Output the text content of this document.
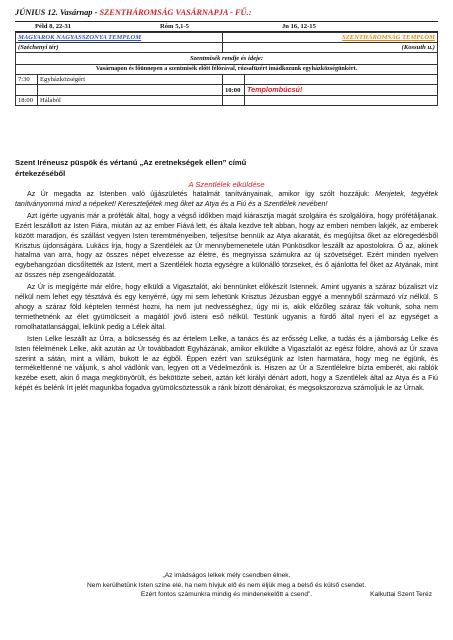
JÚNIUS 12. Vasárnap - SZENTHÁROMSÁG VASÁRNAPJA - FŰ.:
Péld 8, 22-31	Róm 5,1-5	Jn 16, 12-15
MAGYAROK NAGYASSZONYA TEMPLOM		SZENTHÁROMSÁG TEMPLOM	
(Széchenyi tér)		(Kossuth u.)	
Szentmisék rendje és ideje:			
Vasárnapon és főünnepen a szentmisék előtt félórával, rózsafüzért imádkozunk egyházközségünkért.			
7:30	Egyházközségért		
		10:00	Templombúcsú!
18:00	Hálaból		
Szent Iréneusz püspök és vértanú „Az eretnekségek ellen” című
értekezéséből
A Szentlélek elküldése

Az Úr megadta az Istenben való újjászületés hatalmát tanítványainak, amikor így szólt hozzájuk: Menjetek, tegyétek tanítványommá mind a népeket! Kereszteljétek meg őket az Atya és a Fiú és a Szentlélek nevében!

Azt ígérte ugyanis már a próféták által, hogy a végső időkben majd kiárasztja magát szolgáira és szolgálóira, hogy prófétáljanak. Ezért leszállott az Isten Fiára, miután az az ember Fiává lett, és általa kezdve telt abban, hogy az emberi nemben lakjék, az emberek között maradjon, és szállást vegyen Isten teremtményeiben, teljesítse bennük az Atya akaratát, és megújítsa őket az elöregedésből Krisztus újdonságára. Lukács írja, hogy a Szentlélek az Úr mennybemenetele után Pünkösdkor leszállt az apostolokra. Ő az, akinek hatalma van arra, hogy az összes népet elvezesse az életre, és megnyissa számukra az új szövetséget. Ezért minden nyelven egybehangzóan dicsőítették az Istent, mert a Szentlélek hozta egységre a különálló törzseket, és ő ajánlotta fel őket az Atyának, mint az összes nép zsengeáldozatát.

Az Úr is megígérte már előre, hogy elküldi a Vigasztalót, aki bennünket előkészít Istennek. Amint ugyanis a száraz búzaliszt víz nélkül nem lehet egy tésztává és egy kenyérré, úgy mi sem lehetünk Krisztus Jézusban eggyé a mennyből származó víz nélkül. S ahogy a száraz föld képtelen termést hozni, ha nem jut nedvességhez, úgy mi is, akik előzőleg száraz fák voltunk, soha nem termethetnénk az élet gyümölcseit a magától jövő isteni eső nélkül. Testünk ugyanis a fürdő által nyeri el az egységet a romolhatatlansággal, lelkünk pedig a Lélek által.

Isten Lelke leszállt az Úrra, a bölcsesség és az értelem Lelke, a tanács és az erősség Lelke, a tudás és a jámborság Lelke és Isten félelmének Lelke, akit azután az Úr továbbadott Egyházának, amikor elküldte a Vigasztalót az egész földre, ahová az Úr szava szerint a sátán, mint a villám, bukott le az égből. Éppen ezért van szükségünk az Isten harmatára, hogy meg ne égjünk, és termékeltlenné ne váljunk, s ahol vádlónk van, legyen ott a Védelmezőnk is. Hiszen az Úr a Szentlélekre bízta emberét, aki rablók kezébe esett, akin ő maga megkönyörült, és bekötözte sebeit, aztán két királyi dénárt adott, hogy a Szentlélek által az Atya és a Fiú képét és belénk írt jelét magunkba fogadva gyümölcsöztessük a ránk bízott dénárokat, és megsokszorozva számoljuk le az Úrnak.

„Az imádságos lelkek mély csendben élnek.
Nem kerülhetünk Isten színe elé, ha nem hívjuk elő és nem éljük meg a belső és külső csendet.
Ezért fontos számunkra mindig és mindenekelőtt a csend”.	Kalkuttai Szent Teréz
